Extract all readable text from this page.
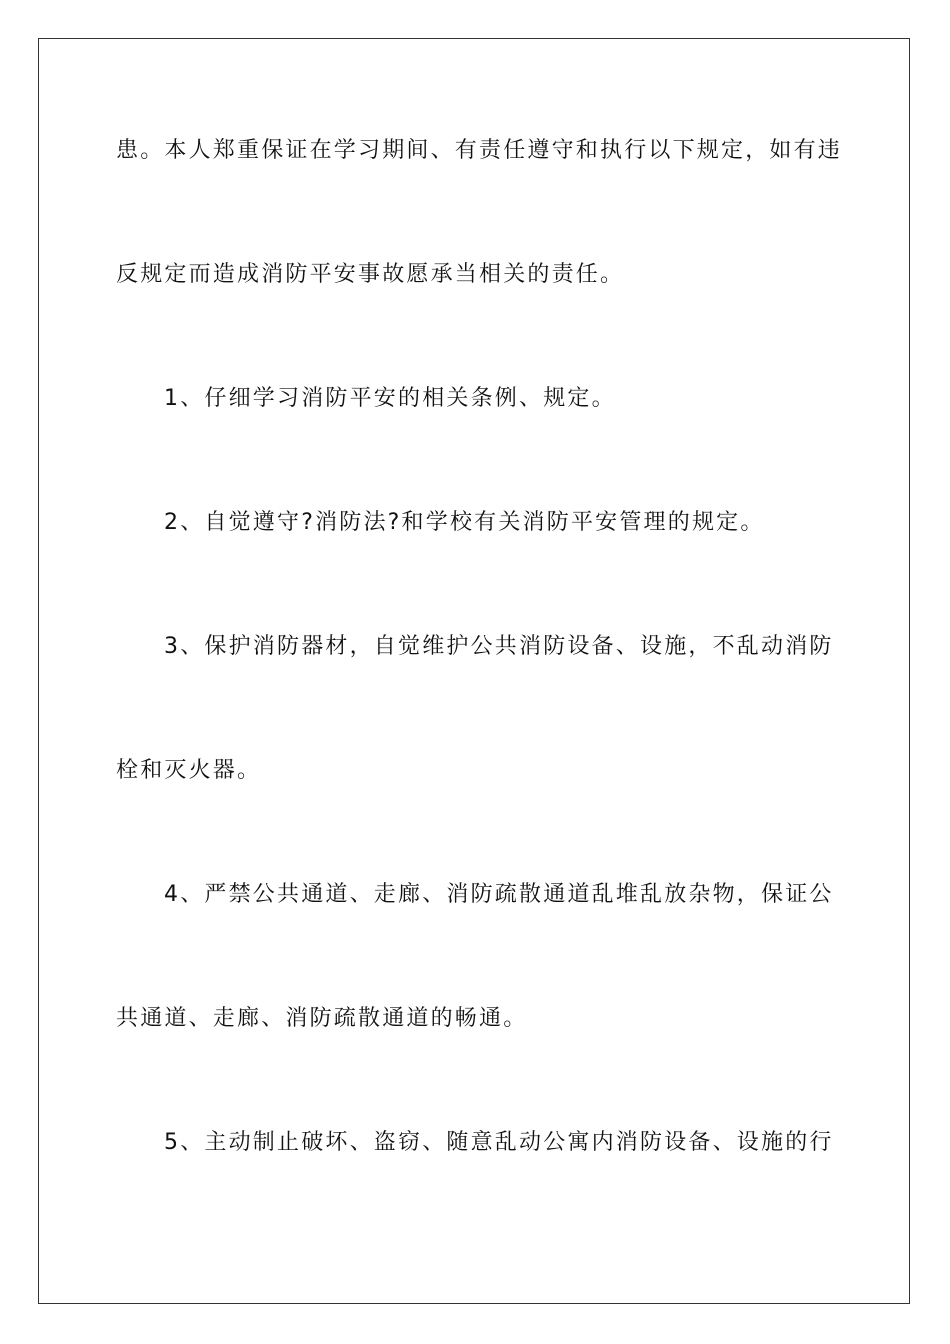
患。本人郑重保证在学习期间、有责任遵守和执行以下规定，如有违
反规定而造成消防平安事故愿承当相关的责任。
1、仔细学习消防平安的相关条例、规定。
2、自觉遵守?消防法?和学校有关消防平安管理的规定。
3、保护消防器材，自觉维护公共消防设备、设施，不乱动消防
栓和灭火器。
4、严禁公共通道、走廊、消防疏散通道乱堆乱放杂物，保证公
共通道、走廊、消防疏散通道的畅通。
5、主动制止破坏、盗窃、随意乱动公寓内消防设备、设施的行
